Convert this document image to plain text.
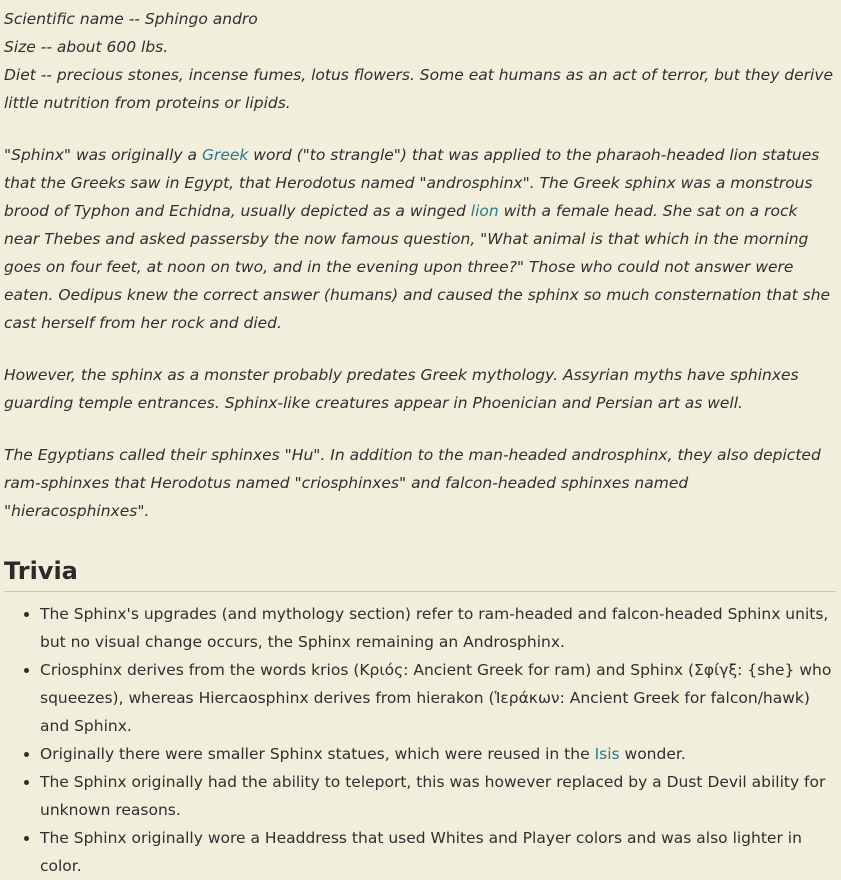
Scientific name -- Sphingo andro
Size -- about 600 lbs.
Diet -- precious stones, incense fumes, lotus flowers. Some eat humans as an act of terror, but they derive little nutrition from proteins or lipids.

"Sphinx" was originally a Greek word ("to strangle") that was applied to the pharaoh-headed lion statues that the Greeks saw in Egypt, that Herodotus named "androsphinx". The Greek sphinx was a monstrous brood of Typhon and Echidna, usually depicted as a winged lion with a female head. She sat on a rock near Thebes and asked passersby the now famous question, "What animal is that which in the morning goes on four feet, at noon on two, and in the evening upon three?" Those who could not answer were eaten. Oedipus knew the correct answer (humans) and caused the sphinx so much consternation that she cast herself from her rock and died.

However, the sphinx as a monster probably predates Greek mythology. Assyrian myths have sphinxes guarding temple entrances. Sphinx-like creatures appear in Phoenician and Persian art as well.

The Egyptians called their sphinxes "Hu". In addition to the man-headed androsphinx, they also depicted ram-sphinxes that Herodotus named "criosphinxes" and falcon-headed sphinxes named "hieracosphinxes".

Trivia
• The Sphinx's upgrades (and mythology section) refer to ram-headed and falcon-headed Sphinx units, but no visual change occurs, the Sphinx remaining an Androsphinx.
• Criosphinx derives from the words krios (Κριός: Ancient Greek for ram) and Sphinx (Σφίγξ: {she} who squeezes), whereas Hiercaosphinx derives from hierakon (Ἱεράκων: Ancient Greek for falcon/hawk) and Sphinx.
• Originally there were smaller Sphinx statues, which were reused in the Isis wonder.
• The Sphinx originally had the ability to teleport, this was however replaced by a Dust Devil ability for unknown reasons.
• The Sphinx originally wore a Headdress that used Whites and Player colors and was also lighter in color.
